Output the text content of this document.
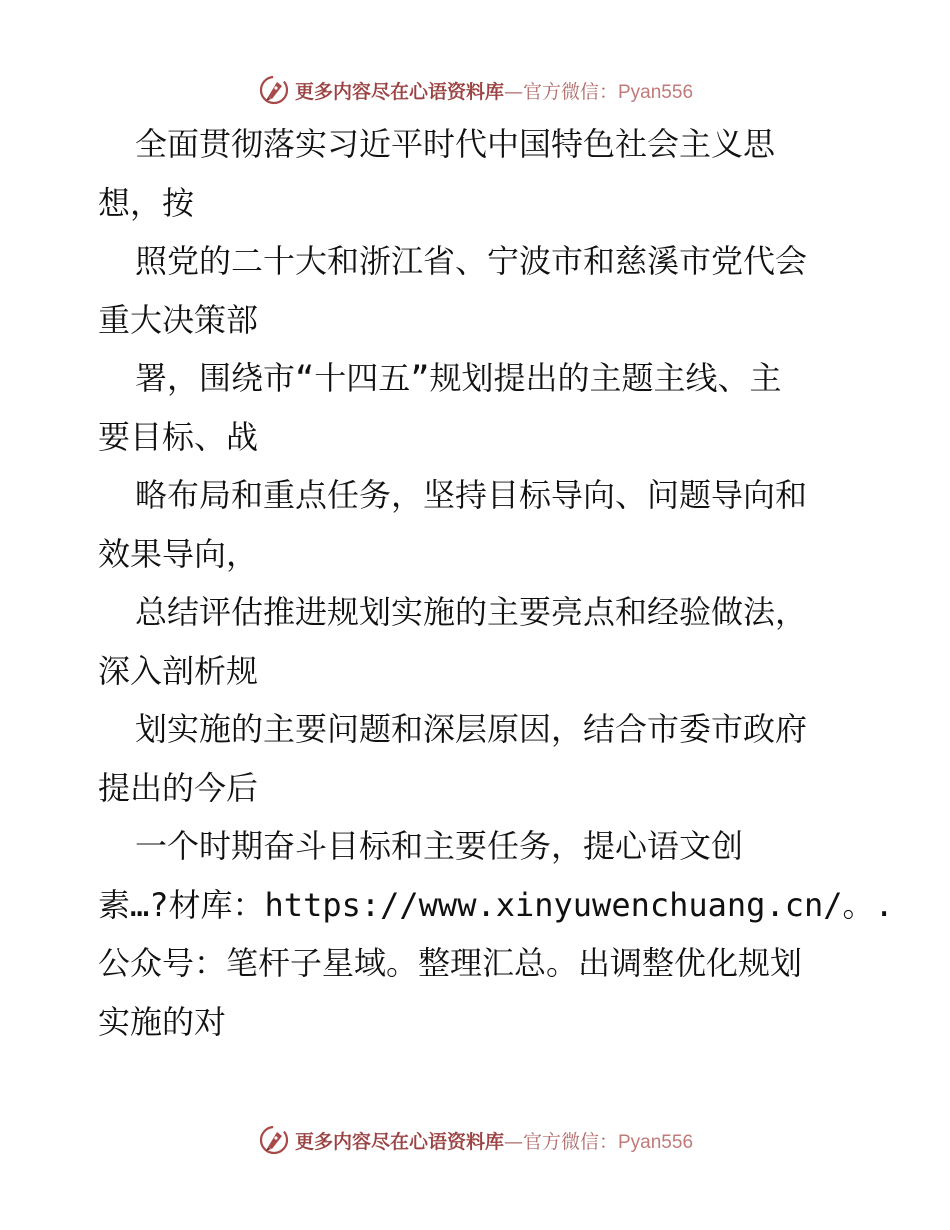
更多内容尽在心语资料库—官方微信：Pyan556
全面贯彻落实习近平时代中国特色社会主义思
想，按
照党的二十大和浙江省、宁波市和慈溪市党代会
重大决策部
署，围绕市“十四五”规划提出的主题主线、主
要目标、战
略布局和重点任务，坚持目标导向、问题导向和
效果导向，
总结评估推进规划实施的主要亮点和经验做法，
深入剖析规
划实施的主要问题和深层原因，结合市委市政府
提出的今后
一个时期奋斗目标和主要任务，提心语文创
素…?材库：https://www.xinyuwenchuang.cn/。.
公众号：笔杆子星域。整理汇总。出调整优化规划
实施的对
更多内容尽在心语资料库—官方微信：Pyan556
